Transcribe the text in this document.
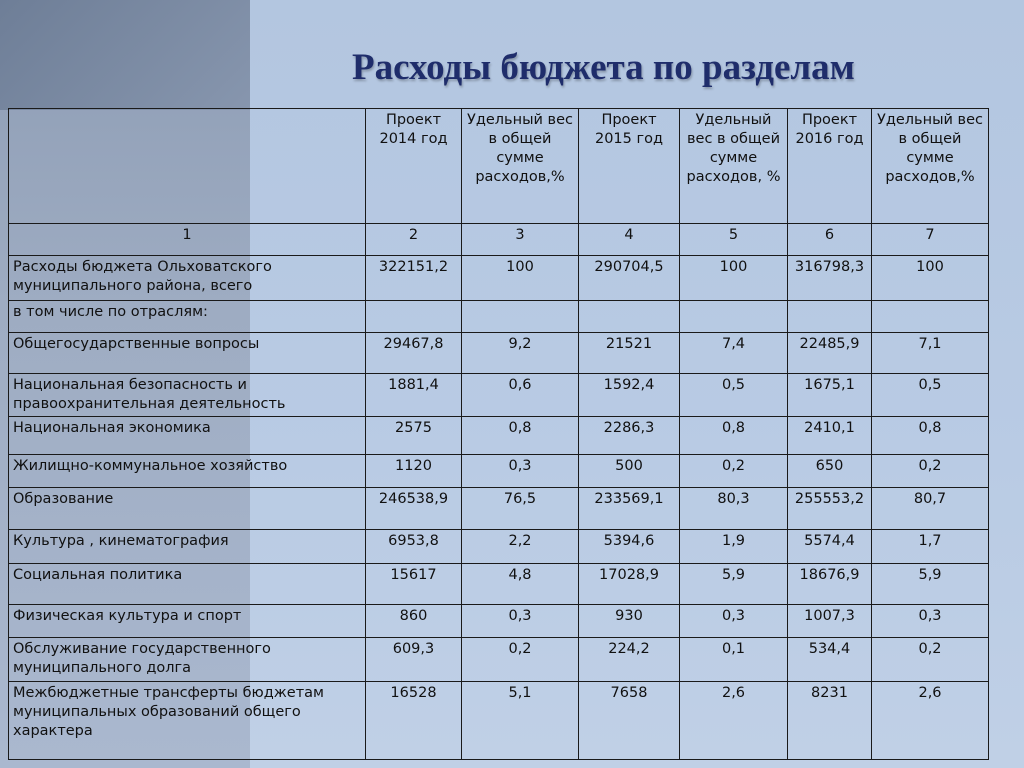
Расходы бюджета по разделам
	Проект 2014 год	Удельный вес в общей сумме расходов,%	Проект 2015 год	Удельный вес в общей сумме расходов, %	Проект 2016 год	Удельный вес в общей сумме расходов,%
1	2	3	4	5	6	7
Расходы бюджета Ольховатского муниципального района, всего	322151,2	100	290704,5	100	316798,3	100
в том числе по отраслям:						
Общегосударственные вопросы	29467,8	9,2	21521	7,4	22485,9	7,1
Национальная безопасность и правоохранительная деятельность	1881,4	0,6	1592,4	0,5	1675,1	0,5
Национальная экономика	2575	0,8	2286,3	0,8	2410,1	0,8
Жилищно-коммунальное хозяйство	1120	0,3	500	0,2	650	0,2
Образование	246538,9	76,5	233569,1	80,3	255553,2	80,7
Культура , кинематография	6953,8	2,2	5394,6	1,9	5574,4	1,7
Социальная политика	15617	4,8	17028,9	5,9	18676,9	5,9
Физическая культура и спорт	860	0,3	930	0,3	1007,3	0,3
Обслуживание государственного муниципального долга	609,3	0,2	224,2	0,1	534,4	0,2
Межбюджетные трансферты бюджетам муниципальных образований общего характера	16528	5,1	7658	2,6	8231	2,6
